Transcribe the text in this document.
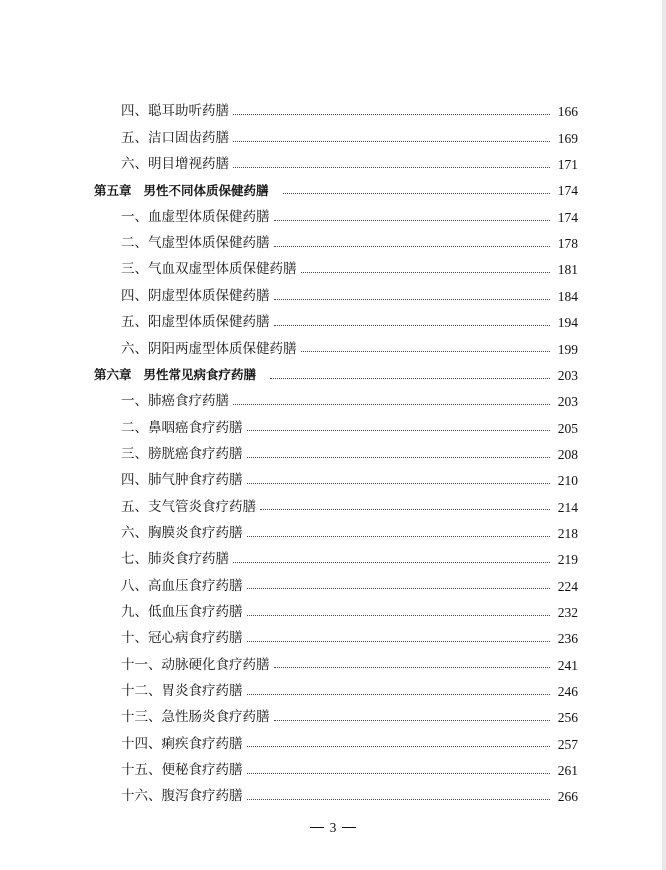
四、聪耳助听药膳	166
五、洁口固齿药膳	169
六、明目增视药膳	171
第五章 男性不同体质保健药膳	174
一、血虚型体质保健药膳	174
二、气虚型体质保健药膳	178
三、气血双虚型体质保健药膳	181
四、阴虚型体质保健药膳	184
五、阳虚型体质保健药膳	194
六、阴阳两虚型体质保健药膳	199
第六章 男性常见病食疗药膳	203
一、肺癌食疗药膳	203
二、鼻咽癌食疗药膳	205
三、膀胱癌食疗药膳	208
四、肺气肿食疗药膳	210
五、支气管炎食疗药膳	214
六、胸膜炎食疗药膳	218
七、肺炎食疗药膳	219
八、高血压食疗药膳	224
九、低血压食疗药膳	232
十、冠心病食疗药膳	236
十一、动脉硬化食疗药膳	241
十二、胃炎食疗药膳	246
十三、急性肠炎食疗药膳	256
十四、痢疾食疗药膳	257
十五、便秘食疗药膳	261
十六、腹泻食疗药膳	266
3
